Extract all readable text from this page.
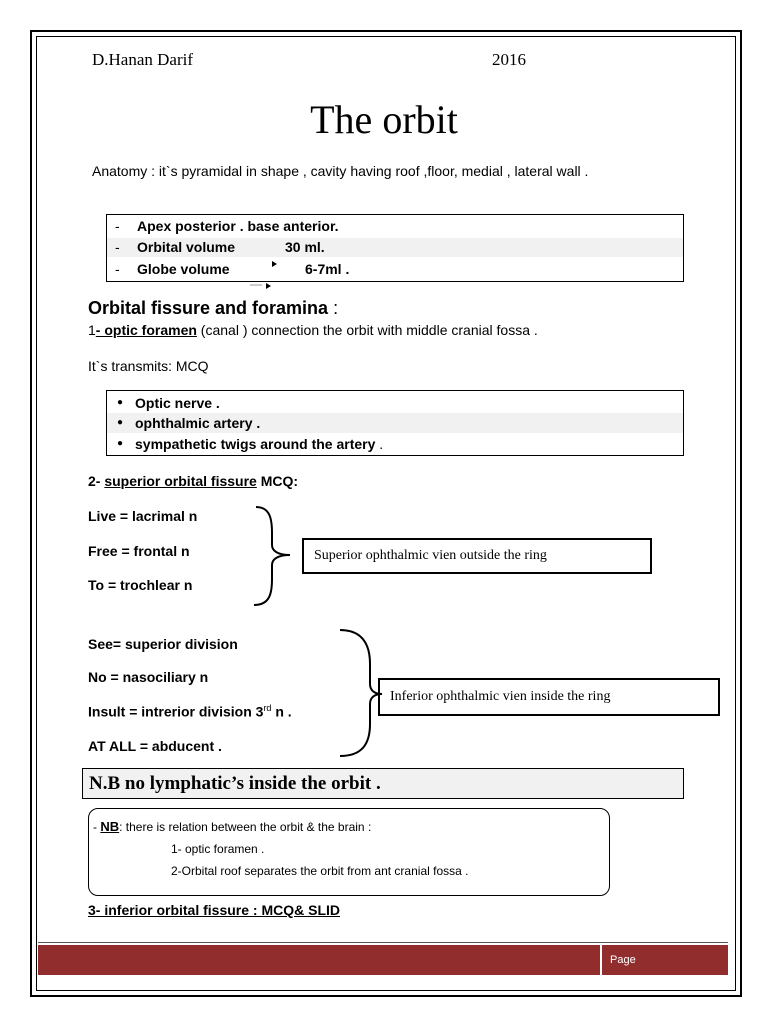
D.Hanan Darif	2016
The orbit
Anatomy : it`s pyramidal in shape , cavity having roof ,floor, medial , lateral wall .
- Apex posterior . base anterior.
- Orbital volume	30 ml.
- Globe volume	6-7ml .
Orbital fissure and foramina :
1- optic foramen (canal ) connection the orbit with middle cranial fossa .
It`s transmits: MCQ
● Optic nerve .
● ophthalmic artery .
● sympathetic twigs around the artery .
2- superior orbital fissure MCQ:
Live = lacrimal n
Free = frontal n
To = trochlear n
Superior ophthalmic vien outside the ring
See= superior division
No = nasociliary n
Insult = intrerior division 3rd n .
AT ALL = abducent .
Inferior ophthalmic vien inside the ring
N.B no lymphatic’s inside the orbit .
- NB: there is relation between the orbit & the brain :
1- optic foramen .
2-Orbital roof separates the orbit from ant cranial fossa .
3- inferior orbital fissure : MCQ& SLID
Page
